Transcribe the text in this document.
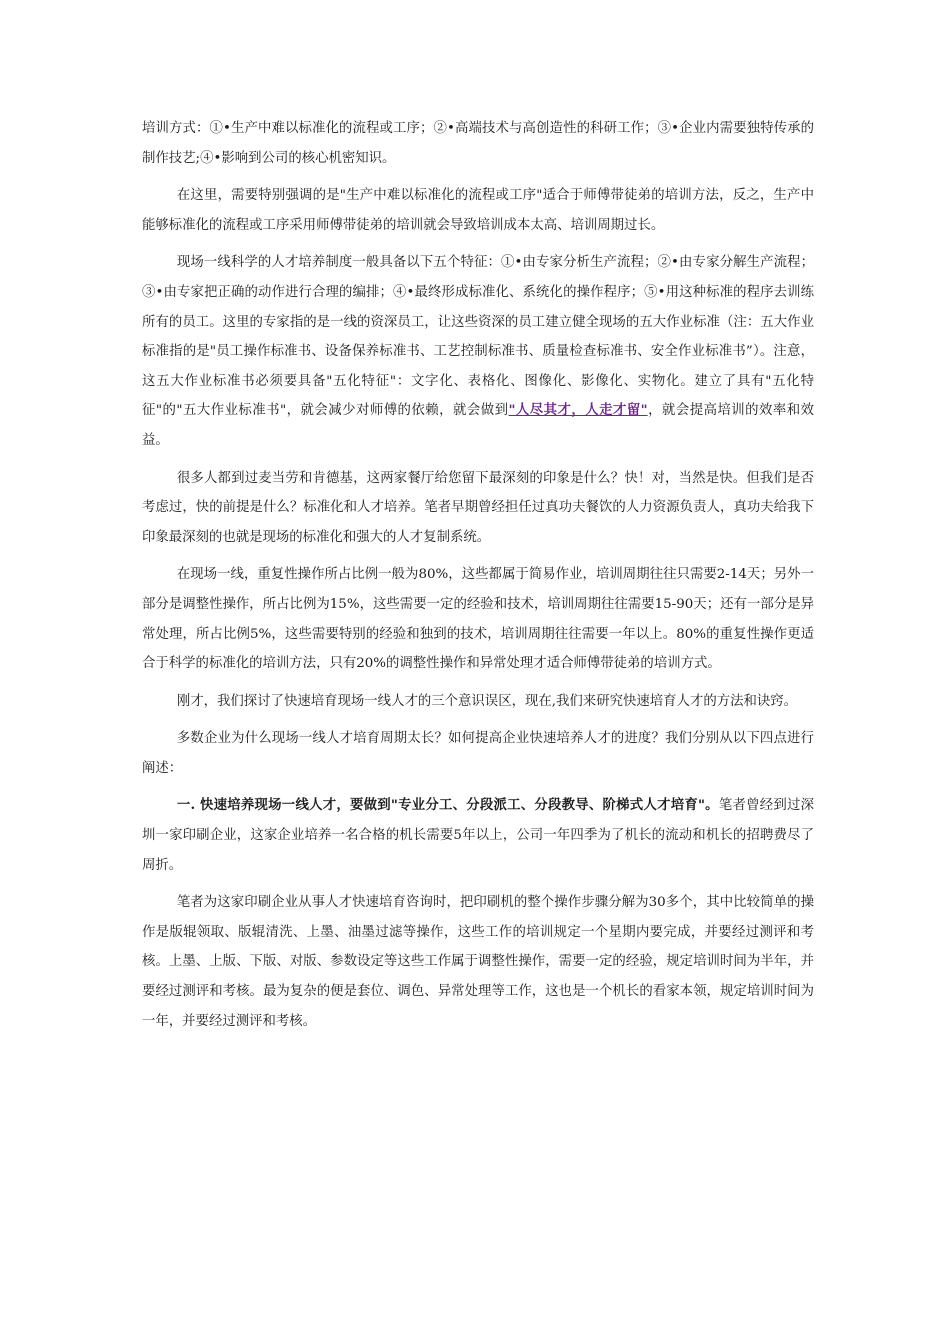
培训方式：①•生产中难以标准化的流程或工序；②•高端技术与高创造性的科研工作；③•企业内需要独特传承的制作技艺;④•影响到公司的核心机密知识。

在这里，需要特别强调的是"生产中难以标准化的流程或工序"适合于师傅带徒弟的培训方法，反之，生产中能够标准化的流程或工序采用师傅带徒弟的培训就会导致培训成本太高、培训周期过长。

现场一线科学的人才培养制度一般具备以下五个特征：①•由专家分析生产流程；②•由专家分解生产流程；③•由专家把正确的动作进行合理的编排；④•最终形成标准化、系统化的操作程序；⑤•用这种标准的程序去训练所有的员工。这里的专家指的是一线的资深员工，让这些资深的员工建立健全现场的五大作业标准（注：五大作业标准指的是"员工操作标准书、设备保养标准书、工艺控制标准书、质量检查标准书、安全作业标准书”）。注意，这五大作业标准书必须要具备"五化特征"：文字化、表格化、图像化、影像化、实物化。建立了具有"五化特征"的"五大作业标准书"，就会减少对师傅的依赖，就会做到"人尽其才，人走才留"，就会提高培训的效率和效益。

很多人都到过麦当劳和肯德基，这两家餐厅给您留下最深刻的印象是什么？快！对，当然是快。但我们是否考虑过，快的前提是什么？标准化和人才培养。笔者早期曾经担任过真功夫餐饮的人力资源负责人，真功夫给我下印象最深刻的也就是现场的标准化和强大的人才复制系统。

在现场一线，重复性操作所占比例一般为80%，这些都属于简易作业，培训周期往往只需要2-14天；另外一部分是调整性操作，所占比例为15%，这些需要一定的经验和技术，培训周期往往需要15-90天；还有一部分是异常处理，所占比例5%，这些需要特别的经验和独到的技术，培训周期往往需要一年以上。80%的重复性操作更适合于科学的标准化的培训方法，只有20%的调整性操作和异常处理才适合师傅带徒弟的培训方式。

刚才，我们探讨了快速培育现场一线人才的三个意识误区，现在,我们来研究快速培育人才的方法和诀窍。

多数企业为什么现场一线人才培育周期太长？如何提高企业快速培养人才的进度？我们分别从以下四点进行阐述：

一. 快速培养现场一线人才，要做到"专业分工、分段派工、分段教导、阶梯式人才培育"。笔者曾经到过深圳一家印刷企业，这家企业培养一名合格的机长需要5年以上，公司一年四季为了机长的流动和机长的招聘费尽了周折。

笔者为这家印刷企业从事人才快速培育咨询时，把印刷机的整个操作步骤分解为30多个，其中比较简单的操作是版辊领取、版辊清洗、上墨、油墨过滤等操作，这些工作的培训规定一个星期内要完成，并要经过测评和考核。上墨、上版、下版、对版、参数设定等这些工作属于调整性操作，需要一定的经验，规定培训时间为半年，并要经过测评和考核。最为复杂的便是套位、调色、异常处理等工作，这也是一个机长的看家本领，规定培训时间为一年，并要经过测评和考核。
